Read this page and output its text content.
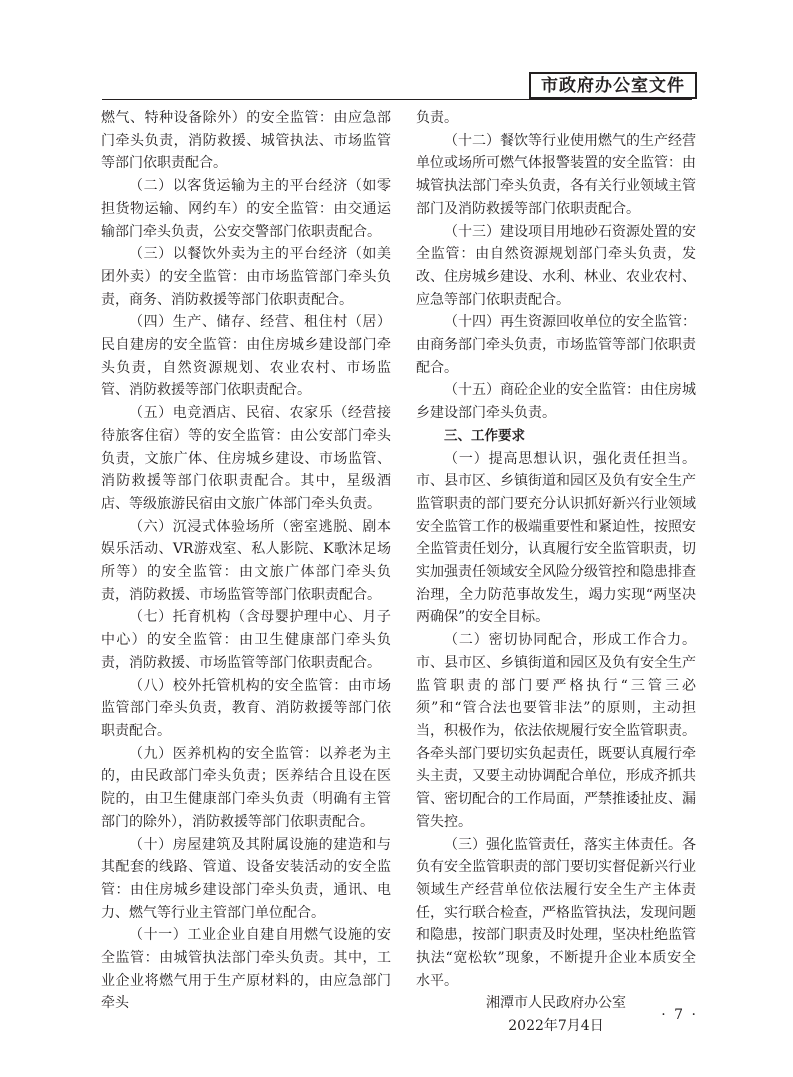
市政府办公室文件

燃气、特种设备除外）的安全监管：由应急部门牵头负责，消防救援、城管执法、市场监管等部门依职责配合。

（二）以客货运输为主的平台经济（如零担货物运输、网约车）的安全监管：由交通运输部门牵头负责，公安交警部门依职责配合。

（三）以餐饮外卖为主的平台经济（如美团外卖）的安全监管：由市场监管部门牵头负责，商务、消防救援等部门依职责配合。

（四）生产、储存、经营、租住村（居）民自建房的安全监管：由住房城乡建设部门牵头负责，自然资源规划、农业农村、市场监管、消防救援等部门依职责配合。

（五）电竞酒店、民宿、农家乐（经营接待旅客住宿）等的安全监管：由公安部门牵头负责，文旅广体、住房城乡建设、市场监管、消防救援等部门依职责配合。其中，星级酒店、等级旅游民宿由文旅广体部门牵头负责。

（六）沉浸式体验场所（密室逃脱、剧本娱乐活动、VR游戏室、私人影院、K歌沐足场所等）的安全监管：由文旅广体部门牵头负责，消防救援、市场监管等部门依职责配合。

（七）托育机构（含母婴护理中心、月子中心）的安全监管：由卫生健康部门牵头负责，消防救援、市场监管等部门依职责配合。

（八）校外托管机构的安全监管：由市场监管部门牵头负责，教育、消防救援等部门依职责配合。

（九）医养机构的安全监管：以养老为主的，由民政部门牵头负责；医养结合且设在医院的，由卫生健康部门牵头负责（明确有主管部门的除外），消防救援等部门依职责配合。

（十）房屋建筑及其附属设施的建造和与其配套的线路、管道、设备安装活动的安全监管：由住房城乡建设部门牵头负责，通讯、电力、燃气等行业主管部门单位配合。

（十一）工业企业自建自用燃气设施的安全监管：由城管执法部门牵头负责。其中，工业企业将燃气用于生产原材料的，由应急部门牵头

负责。

（十二）餐饮等行业使用燃气的生产经营单位或场所可燃气体报警装置的安全监管：由城管执法部门牵头负责，各有关行业领域主管部门及消防救援等部门依职责配合。

（十三）建设项目用地砂石资源处置的安全监管：由自然资源规划部门牵头负责，发改、住房城乡建设、水利、林业、农业农村、应急等部门依职责配合。

（十四）再生资源回收单位的安全监管：由商务部门牵头负责，市场监管等部门依职责配合。

（十五）商砼企业的安全监管：由住房城乡建设部门牵头负责。

三、工作要求

（一）提高思想认识，强化责任担当。市、县市区、乡镇街道和园区及负有安全生产监管职责的部门要充分认识抓好新兴行业领域安全监管工作的极端重要性和紧迫性，按照安全监管责任划分，认真履行安全监管职责，切实加强责任领域安全风险分级管控和隐患排查治理，全力防范事故发生，竭力实现“两坚决两确保”的安全目标。

（二）密切协同配合，形成工作合力。市、县市区、乡镇街道和园区及负有安全生产监管职责的部门要严格执行“三管三必须”和“管合法也要管非法”的原则，主动担当，积极作为，依法依规履行安全监管职责。各牵头部门要切实负起责任，既要认真履行牵头主责，又要主动协调配合单位，形成齐抓共管、密切配合的工作局面，严禁推诿扯皮、漏管失控。

（三）强化监管责任，落实主体责任。各负有安全监管职责的部门要切实督促新兴行业领域生产经营单位依法履行安全生产主体责任，实行联合检查，严格监管执法，发现问题和隐患，按部门职责及时处理，坚决杜绝监管执法“宽松软”现象，不断提升企业本质安全水平。

湘潭市人民政府办公室

2022年7月4日

· 7 ·
